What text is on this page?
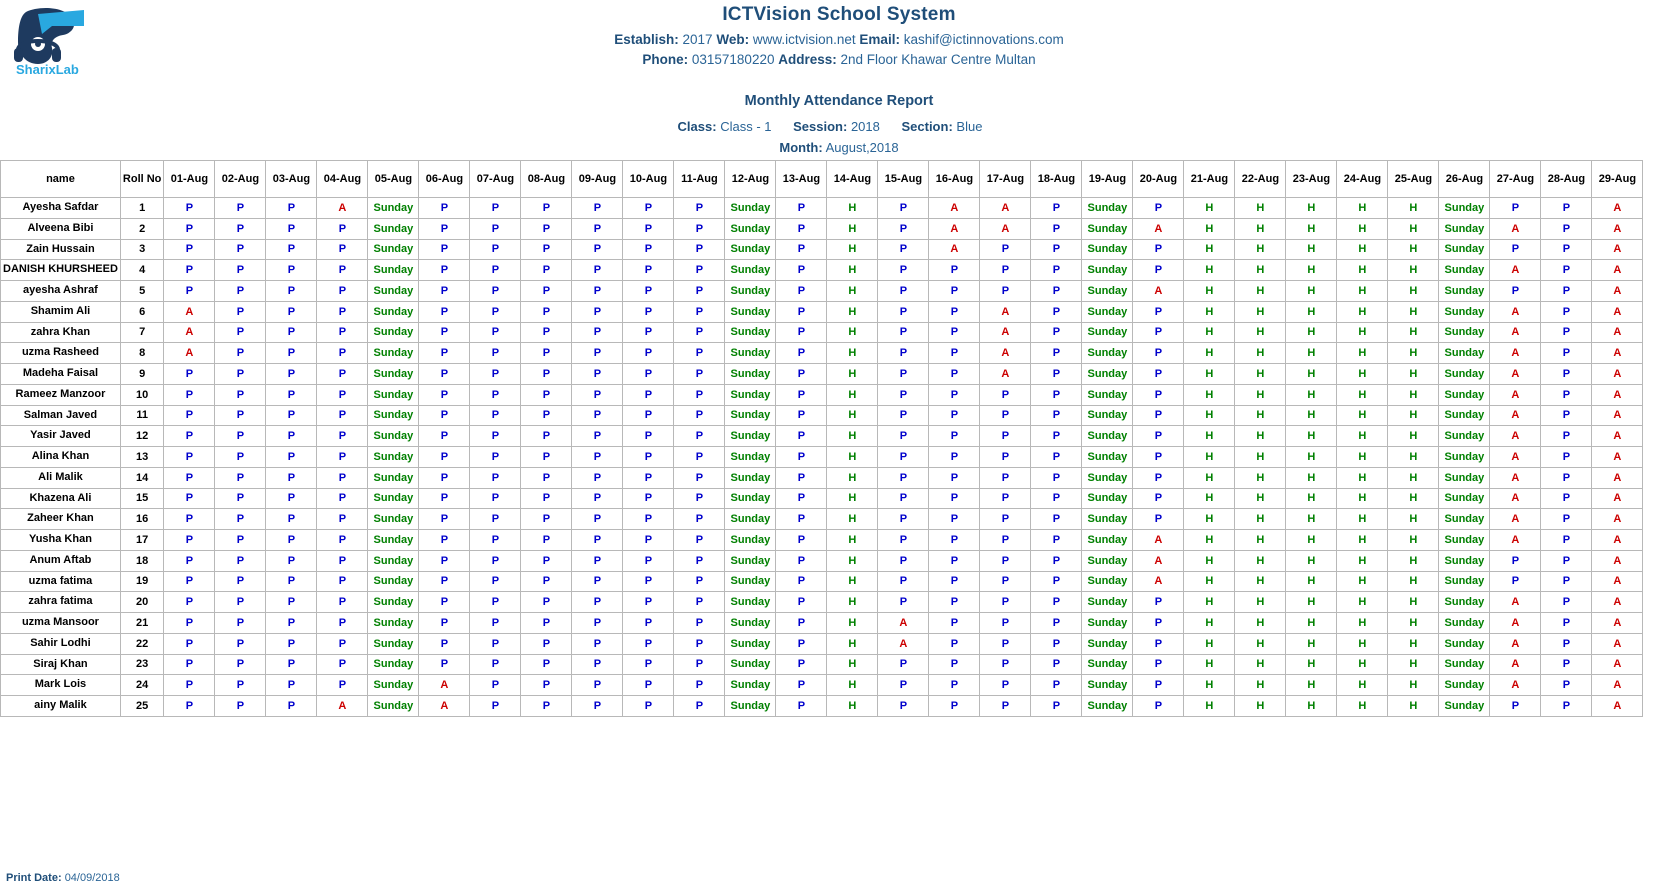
SharixLab
ICTVision School System
Establish: 2017 Web: www.ictvision.net Email: kashif@ictinnovations.com
Phone: 03157180220 Address: 2nd Floor Khawar Centre Multan
Monthly Attendance Report
Class: Class - 1 Session: 2018 Section: Blue
Month: August,2018
name	Roll No	01-Aug	02-Aug	03-Aug	04-Aug	05-Aug	06-Aug	07-Aug	08-Aug	09-Aug	10-Aug	11-Aug	12-Aug	13-Aug	14-Aug	15-Aug	16-Aug	17-Aug	18-Aug	19-Aug	20-Aug	21-Aug	22-Aug	23-Aug	24-Aug	25-Aug	26-Aug	27-Aug	28-Aug	29-Aug
Ayesha Safdar	1	P	P	P	A	Sunday	P	P	P	P	P	P	Sunday	P	H	P	A	A	P	Sunday	P	H	H	H	H	H	Sunday	P	P	A
Alveena Bibi	2	P	P	P	P	Sunday	P	P	P	P	P	P	Sunday	P	H	P	A	A	P	Sunday	A	H	H	H	H	H	Sunday	A	P	A
Zain Hussain	3	P	P	P	P	Sunday	P	P	P	P	P	P	Sunday	P	H	P	A	P	P	Sunday	P	H	H	H	H	H	Sunday	P	P	A
DANISH KHURSHEED	4	P	P	P	P	Sunday	P	P	P	P	P	P	Sunday	P	H	P	P	P	P	Sunday	P	H	H	H	H	H	Sunday	A	P	A
ayesha Ashraf	5	P	P	P	P	Sunday	P	P	P	P	P	P	Sunday	P	H	P	P	P	P	Sunday	A	H	H	H	H	H	Sunday	P	P	A
Shamim Ali	6	A	P	P	P	Sunday	P	P	P	P	P	P	Sunday	P	H	P	P	A	P	Sunday	P	H	H	H	H	H	Sunday	A	P	A
zahra Khan	7	A	P	P	P	Sunday	P	P	P	P	P	P	Sunday	P	H	P	P	A	P	Sunday	P	H	H	H	H	H	Sunday	A	P	A
uzma Rasheed	8	A	P	P	P	Sunday	P	P	P	P	P	P	Sunday	P	H	P	P	A	P	Sunday	P	H	H	H	H	H	Sunday	A	P	A
Madeha Faisal	9	P	P	P	P	Sunday	P	P	P	P	P	P	Sunday	P	H	P	P	A	P	Sunday	P	H	H	H	H	H	Sunday	A	P	A
Rameez Manzoor	10	P	P	P	P	Sunday	P	P	P	P	P	P	Sunday	P	H	P	P	P	P	Sunday	P	H	H	H	H	H	Sunday	A	P	A
Salman Javed	11	P	P	P	P	Sunday	P	P	P	P	P	P	Sunday	P	H	P	P	P	P	Sunday	P	H	H	H	H	H	Sunday	A	P	A
Yasir Javed	12	P	P	P	P	Sunday	P	P	P	P	P	P	Sunday	P	H	P	P	P	P	Sunday	P	H	H	H	H	H	Sunday	A	P	A
Alina Khan	13	P	P	P	P	Sunday	P	P	P	P	P	P	Sunday	P	H	P	P	P	P	Sunday	P	H	H	H	H	H	Sunday	A	P	A
Ali Malik	14	P	P	P	P	Sunday	P	P	P	P	P	P	Sunday	P	H	P	P	P	P	Sunday	P	H	H	H	H	H	Sunday	A	P	A
Khazena Ali	15	P	P	P	P	Sunday	P	P	P	P	P	P	Sunday	P	H	P	P	P	P	Sunday	P	H	H	H	H	H	Sunday	A	P	A
Zaheer Khan	16	P	P	P	P	Sunday	P	P	P	P	P	P	Sunday	P	H	P	P	P	P	Sunday	P	H	H	H	H	H	Sunday	A	P	A
Yusha Khan	17	P	P	P	P	Sunday	P	P	P	P	P	P	Sunday	P	H	P	P	P	P	Sunday	A	H	H	H	H	H	Sunday	A	P	A
Anum Aftab	18	P	P	P	P	Sunday	P	P	P	P	P	P	Sunday	P	H	P	P	P	P	Sunday	A	H	H	H	H	H	Sunday	P	P	A
uzma fatima	19	P	P	P	P	Sunday	P	P	P	P	P	P	Sunday	P	H	P	P	P	P	Sunday	A	H	H	H	H	H	Sunday	P	P	A
zahra fatima	20	P	P	P	P	Sunday	P	P	P	P	P	P	Sunday	P	H	P	P	P	P	Sunday	P	H	H	H	H	H	Sunday	A	P	A
uzma Mansoor	21	P	P	P	P	Sunday	P	P	P	P	P	P	Sunday	P	H	A	P	P	P	Sunday	P	H	H	H	H	H	Sunday	A	P	A
Sahir Lodhi	22	P	P	P	P	Sunday	P	P	P	P	P	P	Sunday	P	H	A	P	P	P	Sunday	P	H	H	H	H	H	Sunday	A	P	A
Siraj Khan	23	P	P	P	P	Sunday	P	P	P	P	P	P	Sunday	P	H	P	P	P	P	Sunday	P	H	H	H	H	H	Sunday	A	P	A
Mark Lois	24	P	P	P	P	Sunday	A	P	P	P	P	P	Sunday	P	H	P	P	P	P	Sunday	P	H	H	H	H	H	Sunday	A	P	A
ainy Malik	25	P	P	P	A	Sunday	A	P	P	P	P	P	Sunday	P	H	P	P	P	P	Sunday	P	H	H	H	H	H	Sunday	P	P	A
Print Date: 04/09/2018
